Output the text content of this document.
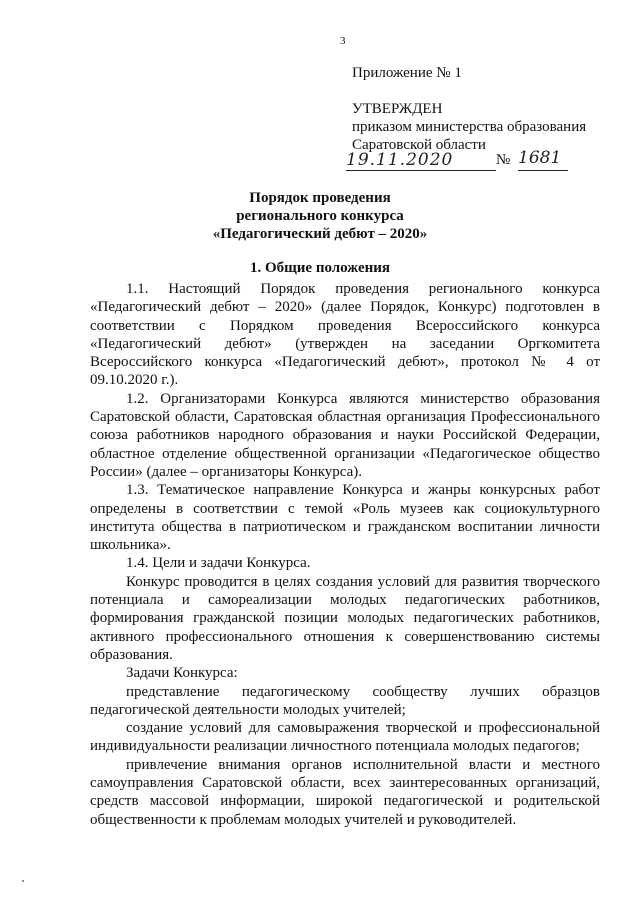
3
Приложение № 1
УТВЕРЖДЕН
приказом министерства образования
Саратовской области
19.11.2020	№ 1681
Порядок проведения
регионального конкурса
«Педагогический дебют – 2020»
1. Общие положения

1.1. Настоящий Порядок проведения регионального конкурса «Педагогический дебют – 2020» (далее Порядок, Конкурс) подготовлен в соответствии с Порядком проведения Всероссийского конкурса «Педагогический дебют» (утвержден на заседании Оргкомитета Всероссийского конкурса «Педагогический дебют», протокол № 4 от 09.10.2020 г.).

1.2. Организаторами Конкурса являются министерство образования Саратовской области, Саратовская областная организация Профессионального союза работников народного образования и науки Российской Федерации, областное отделение общественной организации «Педагогическое общество России» (далее – организаторы Конкурса).

1.3. Тематическое направление Конкурса и жанры конкурсных работ определены в соответствии с темой «Роль музеев как социокультурного института общества в патриотическом и гражданском воспитании личности школьника».

1.4. Цели и задачи Конкурса.

Конкурс проводится в целях создания условий для развития творческого потенциала и самореализации молодых педагогических работников, формирования гражданской позиции молодых педагогических работников, активного профессионального отношения к совершенствованию системы образования.

Задачи Конкурса:

представление педагогическому сообществу лучших образцов педагогической деятельности молодых учителей;

создание условий для самовыражения творческой и профессиональной индивидуальности реализации личностного потенциала молодых педагогов;

привлечение внимания органов исполнительной власти и местного самоуправления Саратовской области, всех заинтересованных организаций, средств массовой информации, широкой педагогической и родительской общественности к проблемам молодых учителей и руководителей.
